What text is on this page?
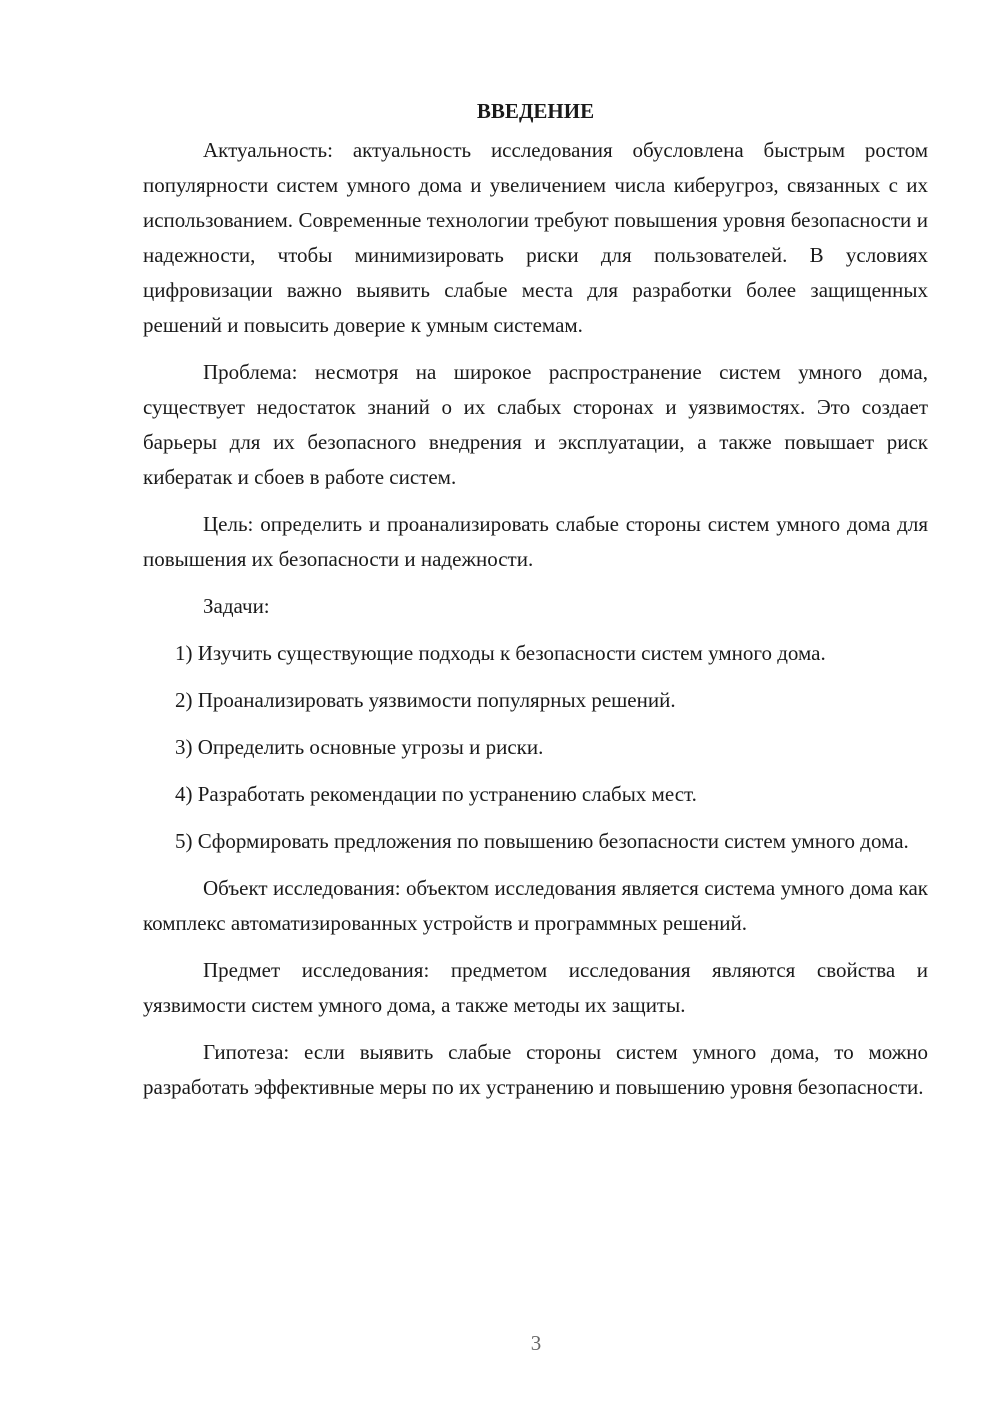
ВВЕДЕНИЕ

Актуальность: актуальность исследования обусловлена быстрым ростом популярности систем умного дома и увеличением числа киберугроз, связанных с их использованием. Современные технологии требуют повышения уровня безопасности и надежности, чтобы минимизировать риски для пользователей. В условиях цифровизации важно выявить слабые места для разработки более защищенных решений и повысить доверие к умным системам.

Проблема: несмотря на широкое распространение систем умного дома, существует недостаток знаний о их слабых сторонах и уязвимостях. Это создает барьеры для их безопасного внедрения и эксплуатации, а также повышает риск кибератак и сбоев в работе систем.

Цель: определить и проанализировать слабые стороны систем умного дома для повышения их безопасности и надежности.

Задачи:

1) Изучить существующие подходы к безопасности систем умного дома.

2) Проанализировать уязвимости популярных решений.

3) Определить основные угрозы и риски.

4) Разработать рекомендации по устранению слабых мест.

5) Сформировать предложения по повышению безопасности систем умного дома.

Объект исследования: объектом исследования является система умного дома как комплекс автоматизированных устройств и программных решений.

Предмет исследования: предметом исследования являются свойства и уязвимости систем умного дома, а также методы их защиты.

Гипотеза: если выявить слабые стороны систем умного дома, то можно разработать эффективные меры по их устранению и повышению уровня безопасности.

3
